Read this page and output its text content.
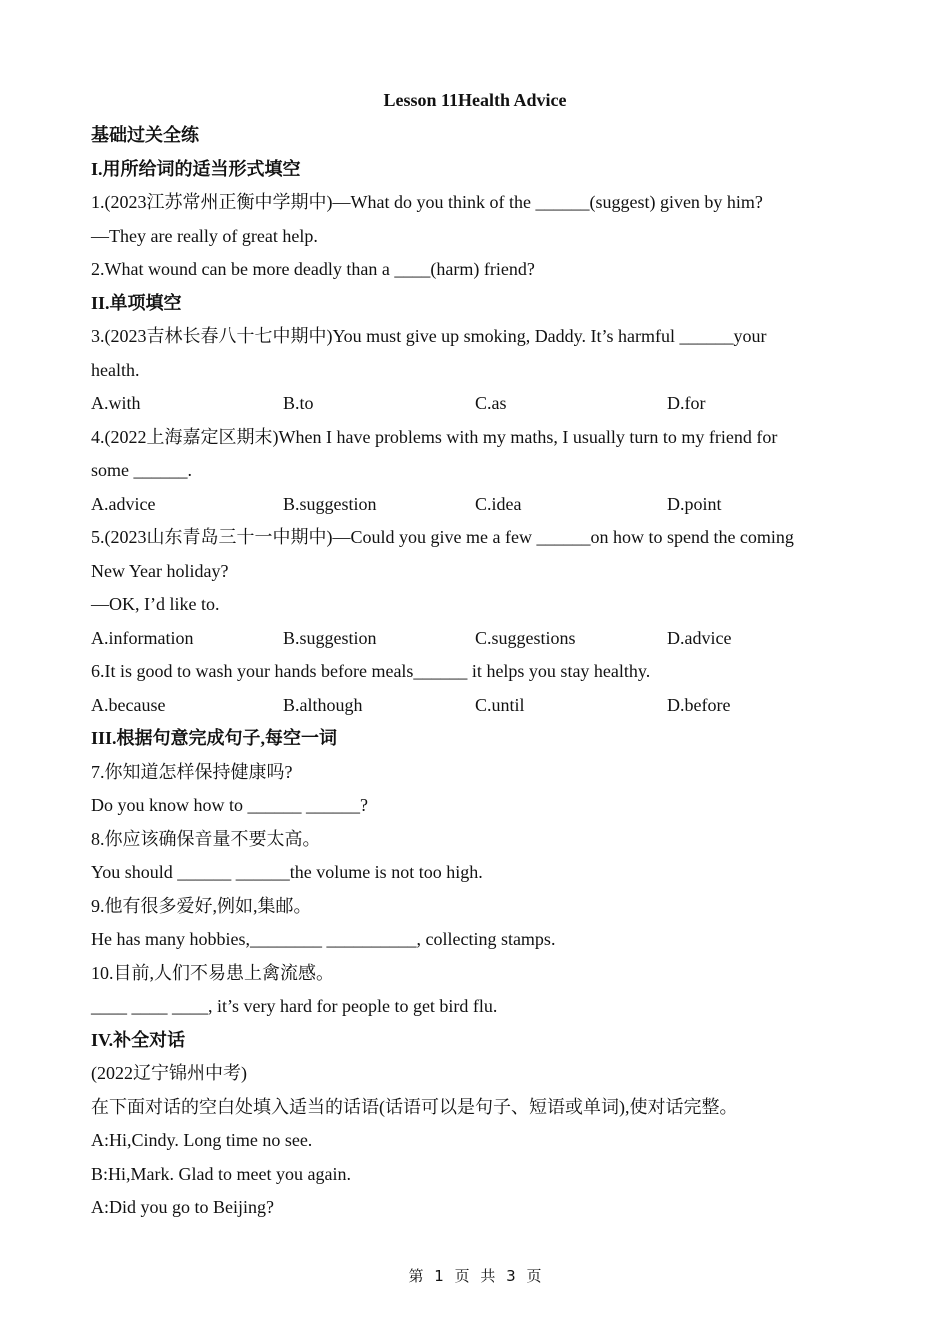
Lesson 11Health Advice
基础过关全练
I.用所给词的适当形式填空
1.(2023江苏常州正衡中学期中)—What do you think of the ______(suggest) given by him?
—They are really of great help.
2.What wound can be more deadly than a ____(harm) friend?
II.单项填空
3.(2023吉林长春八十七中期中)You must give up smoking, Daddy. It’s harmful ______your
health.
A.with	B.to	C.as	D.for
4.(2022上海嘉定区期末)When I have problems with my maths, I usually turn to my friend for
some ______.
A.advice	B.suggestion	C.idea	D.point
5.(2023山东青岛三十一中期中)—Could you give me a few ______on how to spend the coming
New Year holiday?
—OK, I’d like to.
A.information	B.suggestion	C.suggestions	D.advice
6.It is good to wash your hands before meals______ it helps you stay healthy.
A.because	B.although	C.until	D.before
III.根据句意完成句子,每空一词
7.你知道怎样保持健康吗?
Do you know how to ______ ______?
8.你应该确保音量不要太高。
You should ______ ______the volume is not too high.
9.他有很多爱好,例如,集邮。
He has many hobbies,________ __________, collecting stamps.
10.目前,人们不易患上禽流感。
____ ____ ____, it’s very hard for people to get bird flu.
IV.补全对话
(2022辽宁锦州中考)
在下面对话的空白处填入适当的话语(话语可以是句子、短语或单词),使对话完整。
A:Hi,Cindy. Long time no see.
B:Hi,Mark. Glad to meet you again.
A:Did you go to Beijing?
第 1 页 共 3 页
